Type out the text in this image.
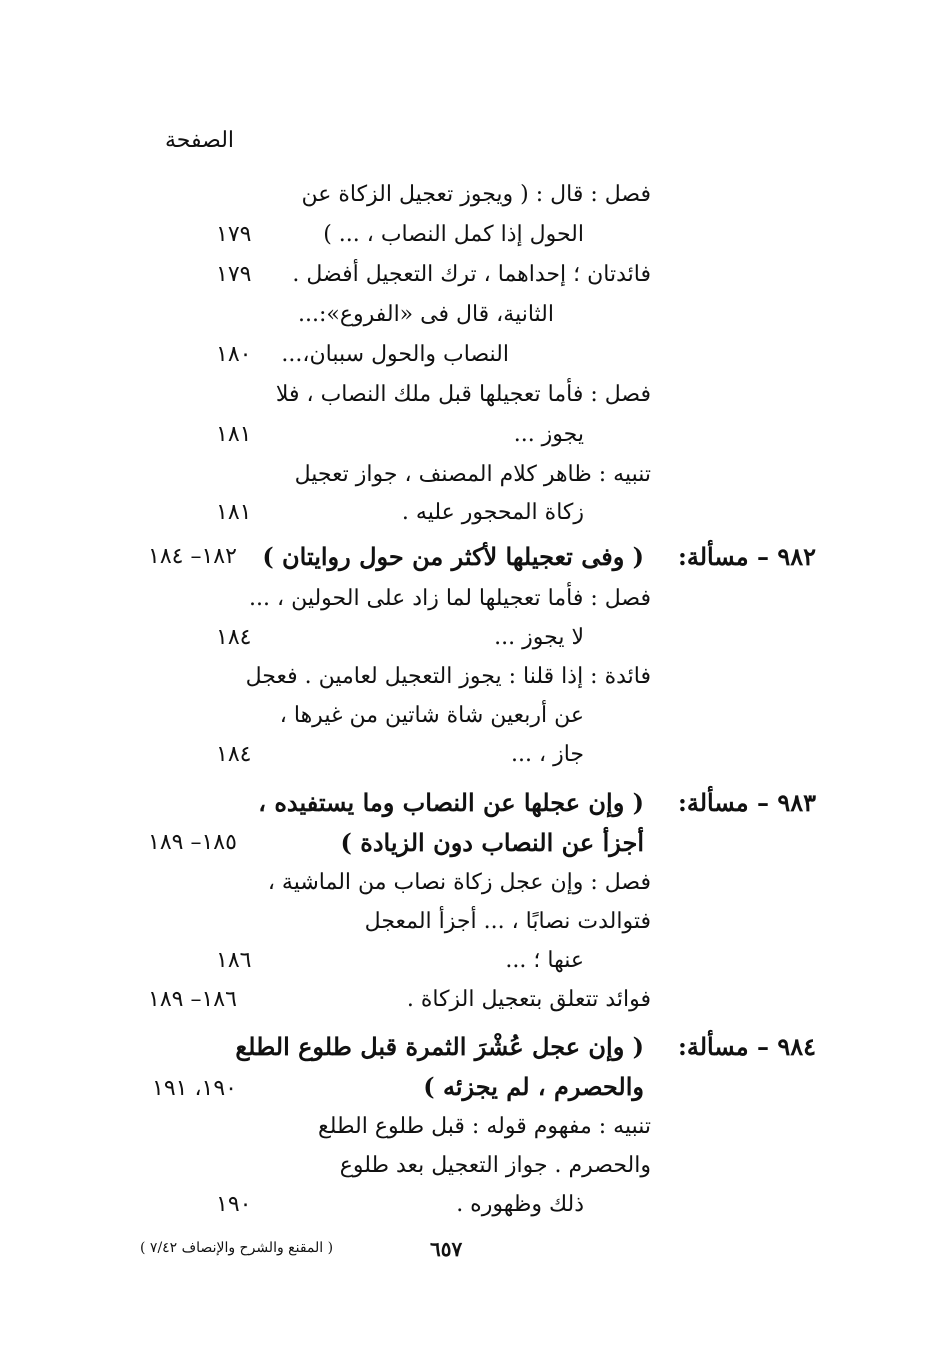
الصفحة
فصل : قال : ( ويجوز تعجيل الزكاة عن
الحول إذا كمل النصاب ، ... )
١٧٩
فائدتان ؛ إحداهما ، ترك التعجيل أفضل .
١٧٩
الثانية، قال فى «الفروع»:...
النصاب والحول سببان،...
١٨٠
فصل : فأما تعجيلها قبل ملك النصاب ، فلا
يجوز ...
١٨١
تنبيه : ظاهر كلام المصنف ، جواز تعجيل
زكاة المحجور عليه .
١٨١
٩٨٢ – مسألة:
( وفى تعجيلها لأكثر من حول روايتان )
١٨٢– ١٨٤
فصل : فأما تعجيلها لما زاد على الحولين ، ...
لا يجوز ...
١٨٤
فائدة : إذا قلنا : يجوز التعجيل لعامين . فعجل
عن أربعين شاة شاتين من غيرها ،
جاز ، ...
١٨٤
٩٨٣ – مسألة:
( وإن عجلها عن النصاب وما يستفيده ،
أجزأ عن النصاب دون الزيادة )
١٨٥– ١٨٩
فصل : وإن عجل زكاة نصاب من الماشية ،
فتوالدت نصابًا ، ... أجزأ المعجل
عنها ؛ ...
١٨٦
فوائد تتعلق بتعجيل الزكاة .
١٨٦– ١٨٩
٩٨٤ – مسألة:
( وإن عجل عُشْرَ الثمرة قبل طلوع الطلع
والحصرم ، لم يجزئه )
١٩٠، ١٩١
تنبيه : مفهوم قوله : قبل طلوع الطلع
والحصرم . جواز التعجيل بعد طلوع
ذلك وظهوره .
١٩٠
٦٥٧
( المقنع والشرح والإنصاف ٧/٤٢ )
